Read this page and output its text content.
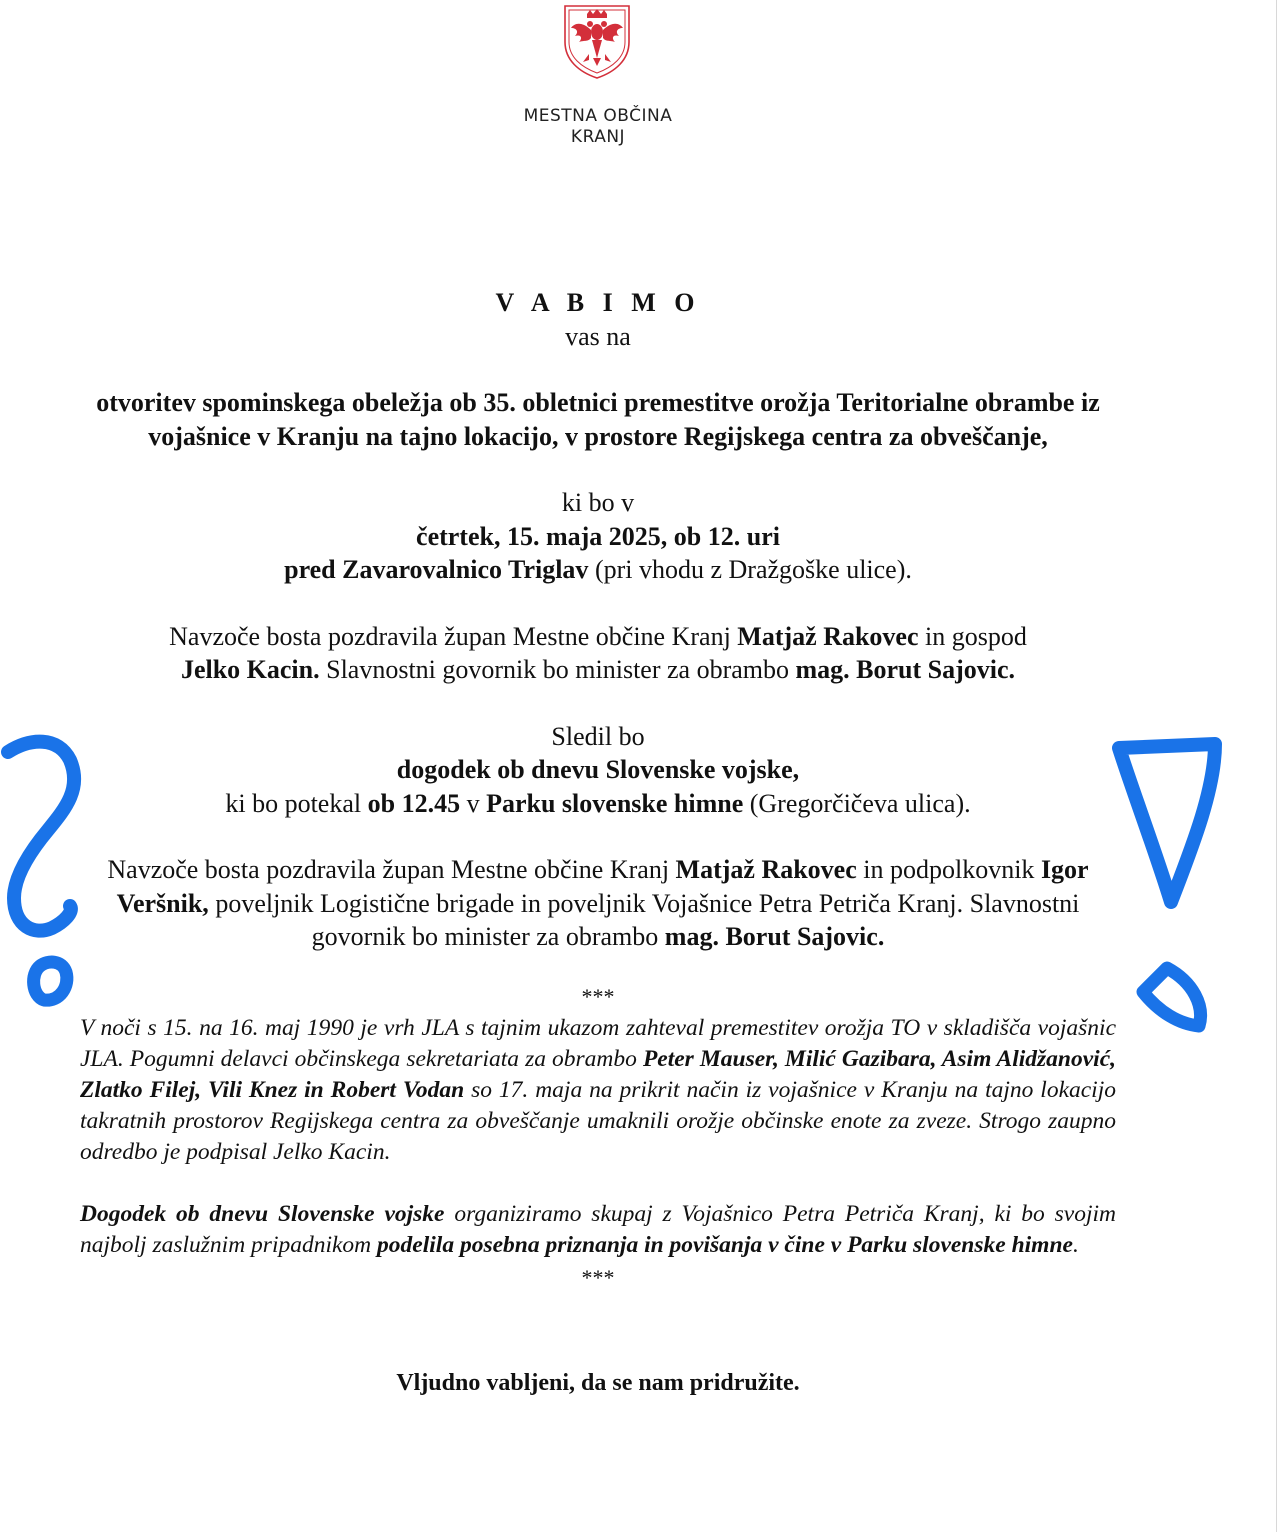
MESTNA OBČINA
KRANJ

V A B I M O

vas na

otvoritev spominskega obeležja ob 35. obletnici premestitve orožja Teritorialne obrambe iz vojašnice v Kranju na tajno lokacijo, v prostore Regijskega centra za obveščanje,

ki bo v

četrtek, 15. maja 2025, ob 12. uri

pred Zavarovalnico Triglav (pri vhodu z Dražgoške ulice).

Navzoče bosta pozdravila župan Mestne občine Kranj Matjaž Rakovec in gospod
Jelko Kacin. Slavnostni govornik bo minister za obrambo mag. Borut Sajovic.

Sledil bo

dogodek ob dnevu Slovenske vojske,

ki bo potekal ob 12.45 v Parku slovenske himne (Gregorčičeva ulica).

Navzoče bosta pozdravila župan Mestne občine Kranj Matjaž Rakovec in podpolkovnik Igor Veršnik, poveljnik Logistične brigade in poveljnik Vojašnice Petra Petriča Kranj. Slavnostni govornik bo minister za obrambo mag. Borut Sajovic.

***

V noči s 15. na 16. maj 1990 je vrh JLA s tajnim ukazom zahteval premestitev orožja TO v skladišča vojašnic JLA. Pogumni delavci občinskega sekretariata za obrambo Peter Mauser, Milić Gazibara, Asim Alidžanović, Zlatko Filej, Vili Knez in Robert Vodan so 17. maja na prikrit način iz vojašnice v Kranju na tajno lokacijo takratnih prostorov Regijskega centra za obveščanje umaknili orožje občinske enote za zveze. Strogo zaupno odredbo je podpisal Jelko Kacin.

Dogodek ob dnevu Slovenske vojske organiziramo skupaj z Vojašnico Petra Petriča Kranj, ki bo svojim najbolj zaslužnim pripadnikom podelila posebna priznanja in povišanja v čine v Parku slovenske himne.

***

Vljudno vabljeni, da se nam pridružite.
